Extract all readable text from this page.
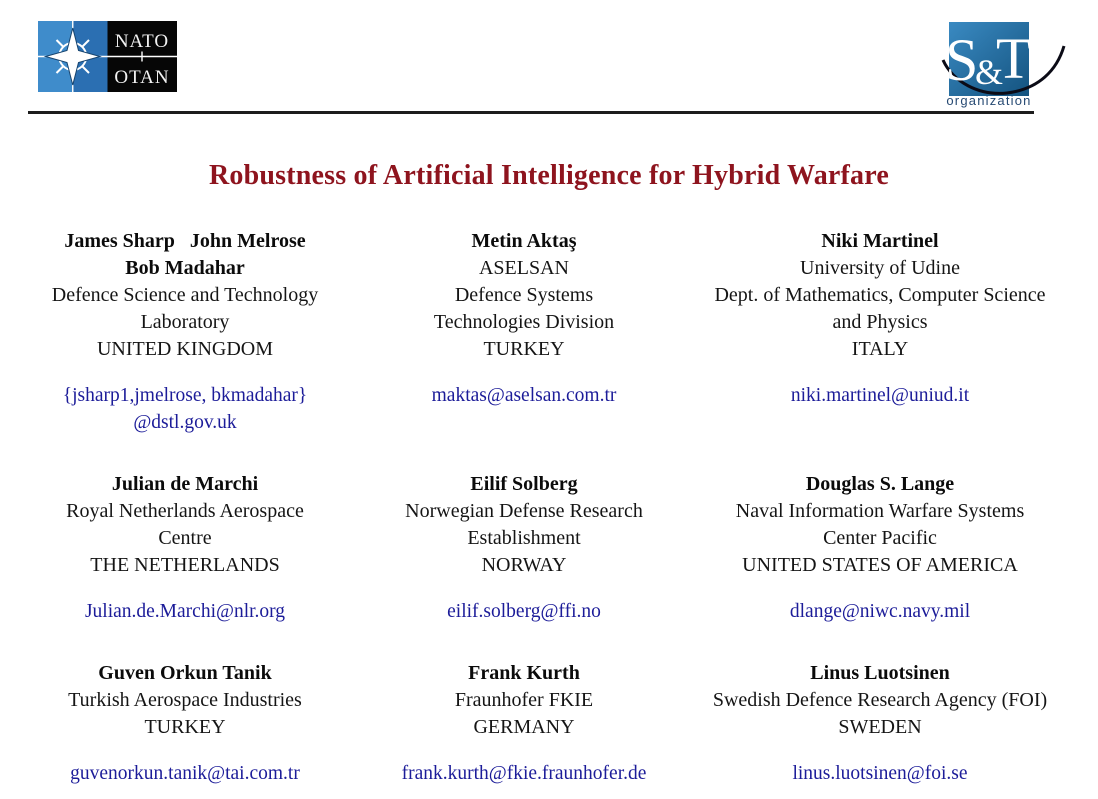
NATO
OTAN	S
&
T
organization
Robustness of Artificial Intelligence for Hybrid Warfare
James Sharp   John Melrose
Bob Madahar
Defence Science and Technology
Laboratory
UNITED KINGDOM
{jsharp1,jmelrose, bkmadahar}
@dstl.gov.uk
Metin Aktaş
ASELSAN
Defence Systems
Technologies Division
TURKEY
maktas@aselsan.com.tr
Niki Martinel
University of Udine
Dept. of Mathematics, Computer Science
and Physics
ITALY
niki.martinel@uniud.it
Julian de Marchi
Royal Netherlands Aerospace
Centre
THE NETHERLANDS
Julian.de.Marchi@nlr.org
Eilif Solberg
Norwegian Defense Research
Establishment
NORWAY
eilif.solberg@ffi.no
Douglas S. Lange
Naval Information Warfare Systems
Center Pacific
UNITED STATES OF AMERICA
dlange@niwc.navy.mil
Guven Orkun Tanik
Turkish Aerospace Industries
TURKEY
guvenorkun.tanik@tai.com.tr
Frank Kurth
Fraunhofer FKIE
GERMANY
frank.kurth@fkie.fraunhofer.de
Linus Luotsinen
Swedish Defence Research Agency (FOI)
SWEDEN
linus.luotsinen@foi.se
